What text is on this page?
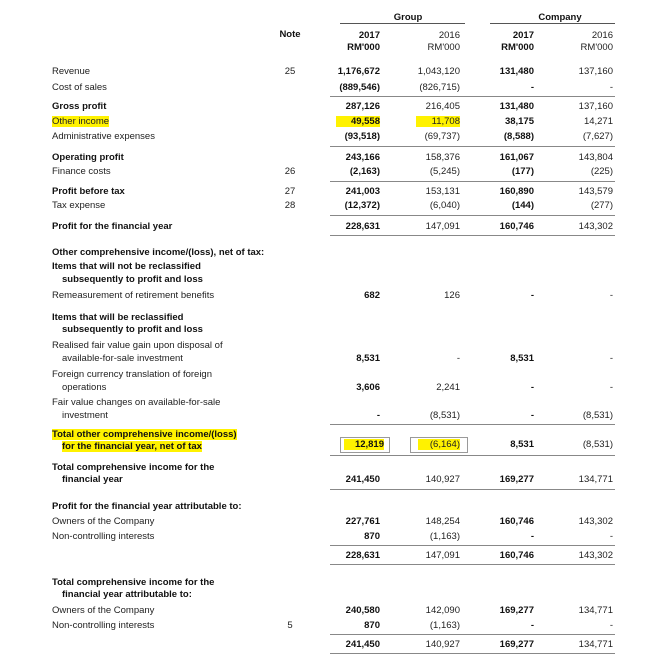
Note
Group	Company
2017	2016	2017	2016
RM'000	RM'000	RM'000	RM'000
Revenue	25	1,176,672	1,043,120	131,480	137,160
Cost of sales	(889,546)	(826,715)	-	-
Gross profit	287,126	216,405	131,480	137,160
Other income	49,558	11,708	38,175	14,271
Administrative expenses	(93,518)	(69,737)	(8,588)	(7,627)
Operating profit	243,166	158,376	161,067	143,804
Finance costs	26	(2,163)	(5,245)	(177)	(225)
Profit before tax	27	241,003	153,131	160,890	143,579
Tax expense	28	(12,372)	(6,040)	(144)	(277)
Profit for the financial year	228,631	147,091	160,746	143,302
Other comprehensive income/(loss), net of tax:
Items that will not be reclassified
subsequently to profit and loss
Remeasurement of retirement benefits	682	126	-	-
Items that will be reclassified
subsequently to profit and loss
Realised fair value gain upon disposal of
available-for-sale investment	8,531	-	8,531	-
Foreign currency translation of foreign
operations	3,606	2,241	-	-
Fair value changes on available-for-sale
investment	-	(8,531)	-	(8,531)
Total other comprehensive income/(loss)
for the financial year, net of tax	12,819	(6,164)	8,531	(8,531)
Total comprehensive income for the
financial year	241,450	140,927	169,277	134,771
Profit for the financial year attributable to:
Owners of the Company	227,761	148,254	160,746	143,302
Non-controlling interests	870	(1,163)	-	-
228,631	147,091	160,746	143,302
Total comprehensive income for the
financial year attributable to:
Owners of the Company	240,580	142,090	169,277	134,771
Non-controlling interests	5	870	(1,163)	-	-
241,450	140,927	169,277	134,771
